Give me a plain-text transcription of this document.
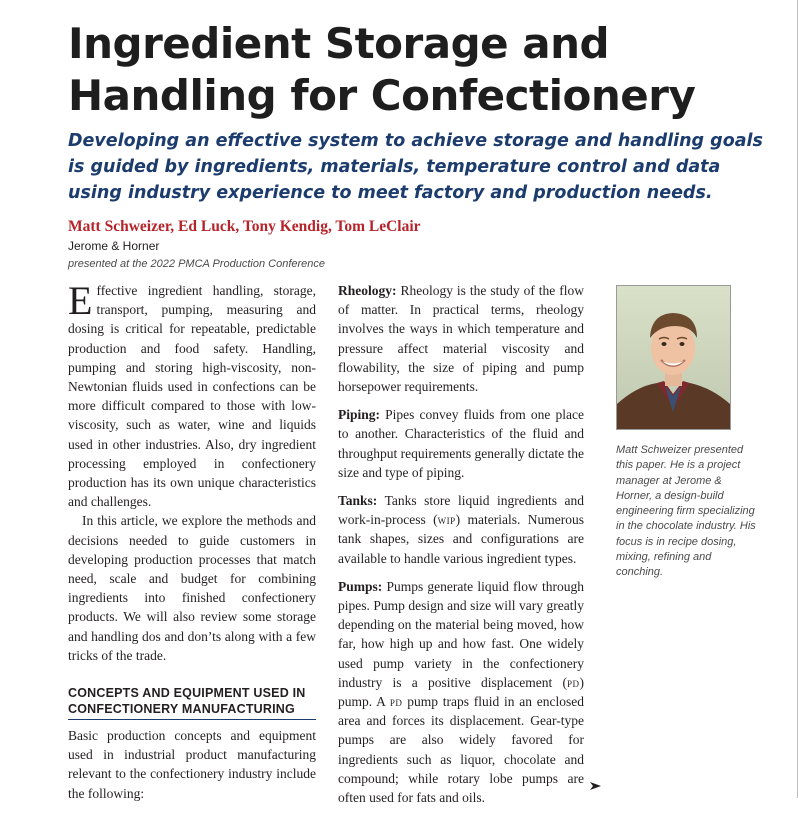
Ingredient Storage and
Handling for Confectionery

Developing an effective system to achieve storage and handling goals
is guided by ingredients, materials, temperature control and data
using industry experience to meet factory and production needs.

Matt Schweizer, Ed Luck, Tony Kendig, Tom LeClair

Jerome & Horner

presented at the 2022 PMCA Production Conference

Effective ingredient handling, storage, transport, pumping, measuring and dosing is critical for repeatable, predictable production and food safety. Handling, pumping and storing high-viscosity, non-Newtonian fluids used in confections can be more difficult compared to those with low-viscosity, such as water, wine and liquids used in other industries. Also, dry ingredient processing employed in confectionery production has its own unique characteristics and challenges.

In this article, we explore the methods and decisions needed to guide customers in developing production processes that match need, scale and budget for combining ingredients into finished confectionery products. We will also review some storage and handling dos and don’ts along with a few tricks of the trade.

CONCEPTS AND EQUIPMENT USED IN CONFECTIONERY MANUFACTURING

Basic production concepts and equipment used in industrial product manufacturing relevant to the confectionery industry include the following:

Rheology: Rheology is the study of the flow of matter. In practical terms, rheology involves the ways in which temperature and pressure affect material viscosity and flowability, the size of piping and pump horsepower requirements.

Piping: Pipes convey fluids from one place to another. Characteristics of the fluid and throughput requirements generally dictate the size and type of piping.

Tanks: Tanks store liquid ingredients and work-in-process (wip) materials. Numerous tank shapes, sizes and configurations are available to handle various ingredient types.

Pumps: Pumps generate liquid flow through pipes. Pump design and size will vary greatly depending on the material being moved, how far, how high up and how fast. One widely used pump variety in the confectionery industry is a positive displacement (pd) pump. A pd pump traps fluid in an enclosed area and forces its displacement. Gear-type pumps are also widely favored for ingredients such as liquor, chocolate and compound; while rotary lobe pumps are often used for fats and oils.

Matt Schweizer presented this paper. He is a project manager at Jerome & Horner, a design-build engineering firm specializing in the chocolate industry. His focus is in recipe dosing, mixing, refining and conching.
